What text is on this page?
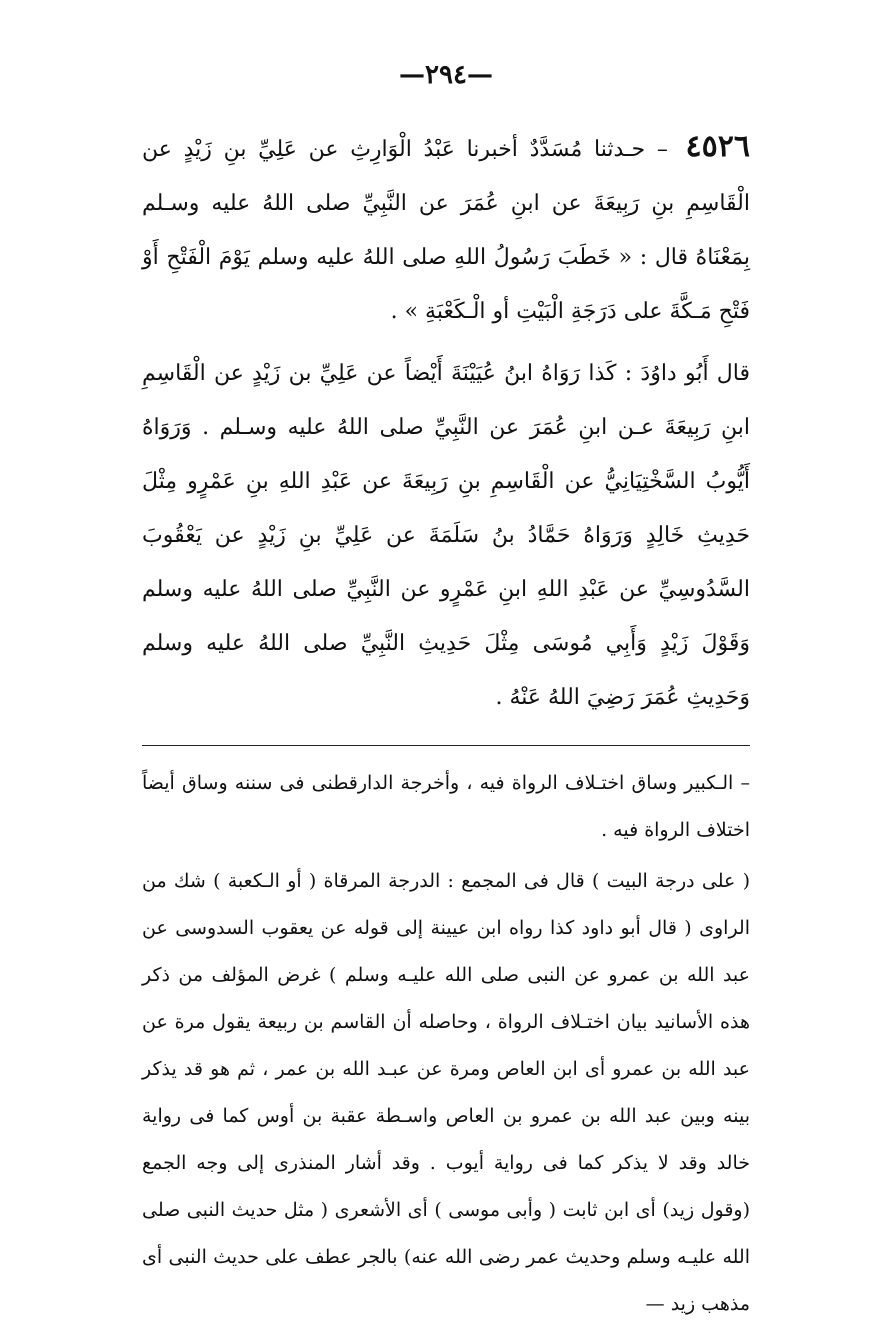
—٢٩٤—

٤٥٢٦ – حـدثنا مُسَدَّدٌ أخبرنا عَبْدُ الْوَارِثِ عن عَلِيِّ بنِ زَيْدٍ عن الْقَاسِمِ بنِ رَبِيعَةَ عن ابنِ عُمَرَ عن النَّبِيِّ صلى اللهُ عليه وسـلم بِمَعْنَاهُ قال : « خَطَبَ رَسُولُ اللهِ صلى اللهُ عليه وسلم يَوْمَ الْفَتْحِ أَوْ فَتْحِ مَـكَّةَ على دَرَجَةِ الْبَيْتِ أو الْـكَعْبَةِ » .

قال أَبُو داوُدَ : كَذا رَوَاهُ ابنُ عُيَيْنَةَ أَيْضاً عن عَلِيِّ بن زَيْدٍ عن الْقَاسِمِ ابنِ رَبِيعَةَ عـن ابنِ عُمَرَ عن النَّبِيِّ صلى اللهُ عليه وسـلم . وَرَوَاهُ أَيُّوبُ السَّخْتِيَانِيُّ عن الْقَاسِمِ بنِ رَبِيعَةَ عن عَبْدِ اللهِ بنِ عَمْرٍو مِثْلَ حَدِيثِ خَالِدٍ وَرَوَاهُ حَمَّادُ بنُ سَلَمَةَ عن عَلِيِّ بنِ زَيْدٍ عن يَعْقُوبَ السَّدُوسِيِّ عن عَبْدِ اللهِ ابنِ عَمْرٍو عن النَّبِيِّ صلى اللهُ عليه وسلم وَقَوْلَ زَيْدٍ وَأَبِي مُوسَى مِثْلَ حَدِيثِ النَّبِيِّ صلى اللهُ عليه وسلم وَحَدِيثِ عُمَرَ رَضِيَ اللهُ عَنْهُ .

– الـكبير وساق اختـلاف الرواة فيه ، وأخرجة الدارقطنى فى سننه وساق أيضاً اختلاف الرواة فيه .

( على درجة البيت ) قال فى المجمع : الدرجة المرقاة ( أو الـكعبة ) شك من الراوى ( قال أبو داود كذا رواه ابن عيينة إلى قوله عن يعقوب السدوسى عن عبد الله بن عمرو عن النبى صلى الله عليـه وسلم ) غرض المؤلف من ذكر هذه الأسانيد بيان اختـلاف الرواة ، وحاصله أن القاسم بن ربيعة يقول مرة عن عبد الله بن عمرو أى ابن العاص ومرة عن عبـد الله بن عمر ، ثم هو قد يذكر بينه وبين عبد الله بن عمرو بن العاص واسـطة عقبة بن أوس كما فى رواية خالد وقد لا يذكر كما فى رواية أيوب . وقد أشار المنذرى إلى وجه الجمع (وقول زيد) أى ابن ثابت ( وأبى موسى ) أى الأشعرى ( مثل حديث النبى صلى الله عليـه وسلم وحديث عمر رضى الله عنه) بالجر عطف على حديث النبى أى مذهب زيد —
